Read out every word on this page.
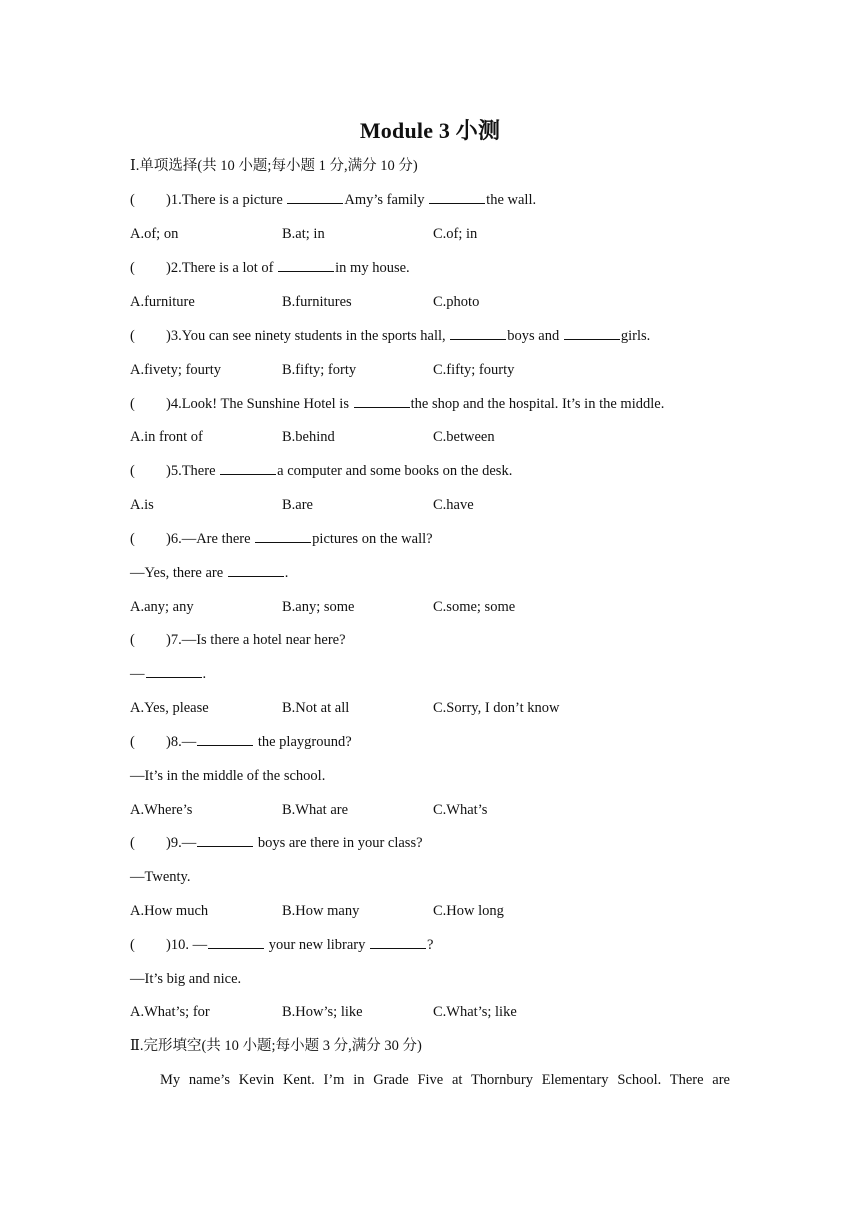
Module 3 小测
Ⅰ.单项选择(共 10 小题;每小题 1 分,满分 10 分)
( )1.There is a picture	Amy’s family	the wall.
A.of; on	B.at; in	C.of; in
( )2.There is a lot of	in my house.
A.furniture	B.furnitures	C.photo
( )3.You can see ninety students in the sports hall,	boys and	girls.
A.fivety; fourty	B.fifty; forty	C.fifty; fourty
( )4.Look! The Sunshine Hotel is	the shop and the hospital. It’s in the middle.
A.in front of	B.behind	C.between
( )5.There	a computer and some books on the desk.
A.is	B.are	C.have
( )6.—Are there	pictures on the wall?
—Yes, there are	.
A.any; any	B.any; some	C.some; some
( )7.—Is there a hotel near here?
—	.
A.Yes, please	B.Not at all	C.Sorry, I don’t know
( )8.—	the playground?
—It’s in the middle of the school.
A.Where’s	B.What are	C.What’s
( )9.—	boys are there in your class?
—Twenty.
A.How much	B.How many	C.How long
( )10. —	your new library	?
—It’s big and nice.
A.What’s; for	B.How’s; like	C.What’s; like
Ⅱ.完形填空(共 10 小题;每小题 3 分,满分 30 分)
My name’s Kevin Kent. I’m in Grade Five at Thornbury Elementary School. There are
